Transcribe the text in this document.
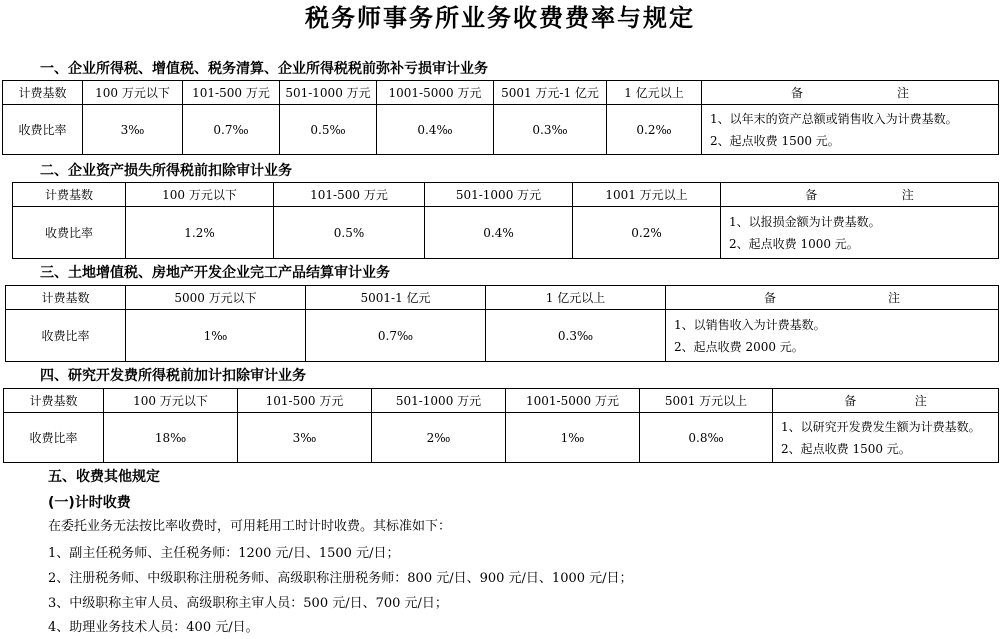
税务师事务所业务收费费率与规定
一、企业所得税、增值税、税务清算、企业所得税税前弥补亏损审计业务
计费基数	100 万元以下	101-500 万元	501-1000 万元	1001-5000 万元	5001 万元-1 亿元	1 亿元以上	备 注

收费比率	3‰	0.7‰	0.5‰	0.4‰	0.3‰	0.2‰	1、以年末的资产总额或销售收入为计费基数。
2、起点收费 1500 元。
二、企业资产损失所得税前扣除审计业务
计费基数	100 万元以下	101-500 万元	501-1000 万元	1001 万元以上	备 注

收费比率	1.2%	0.5%	0.4%	0.2%	1、以报损金额为计费基数。
2、起点收费 1000 元。
三、土地增值税、房地产开发企业完工产品结算审计业务
计费基数	5000 万元以下	5001-1 亿元	1 亿元以上	备 注

收费比率	1‰	0.7‰	0.3‰	1、以销售收入为计费基数。
2、起点收费 2000 元。
四、研究开发费所得税前加计扣除审计业务
计费基数	100 万元以下	101-500 万元	501-1000 万元	1001-5000 万元	5001 万元以上	备 注

收费比率	18‰	3‰	2‰	1‰	0.8‰	1、以研究开发费发生额为计费基数。
2、起点收费 1500 元。
五、收费其他规定
(一)计时收费
在委托业务无法按比率收费时，可用耗用工时计时收费。其标准如下：
1、副主任税务师、主任税务师：1200 元/日、1500 元/日；
2、注册税务师、中级职称注册税务师、高级职称注册税务师：800 元/日、900 元/日、1000 元/日；
3、中级职称主审人员、高级职称主审人员：500 元/日、700 元/日；
4、助理业务技术人员：400 元/日。
